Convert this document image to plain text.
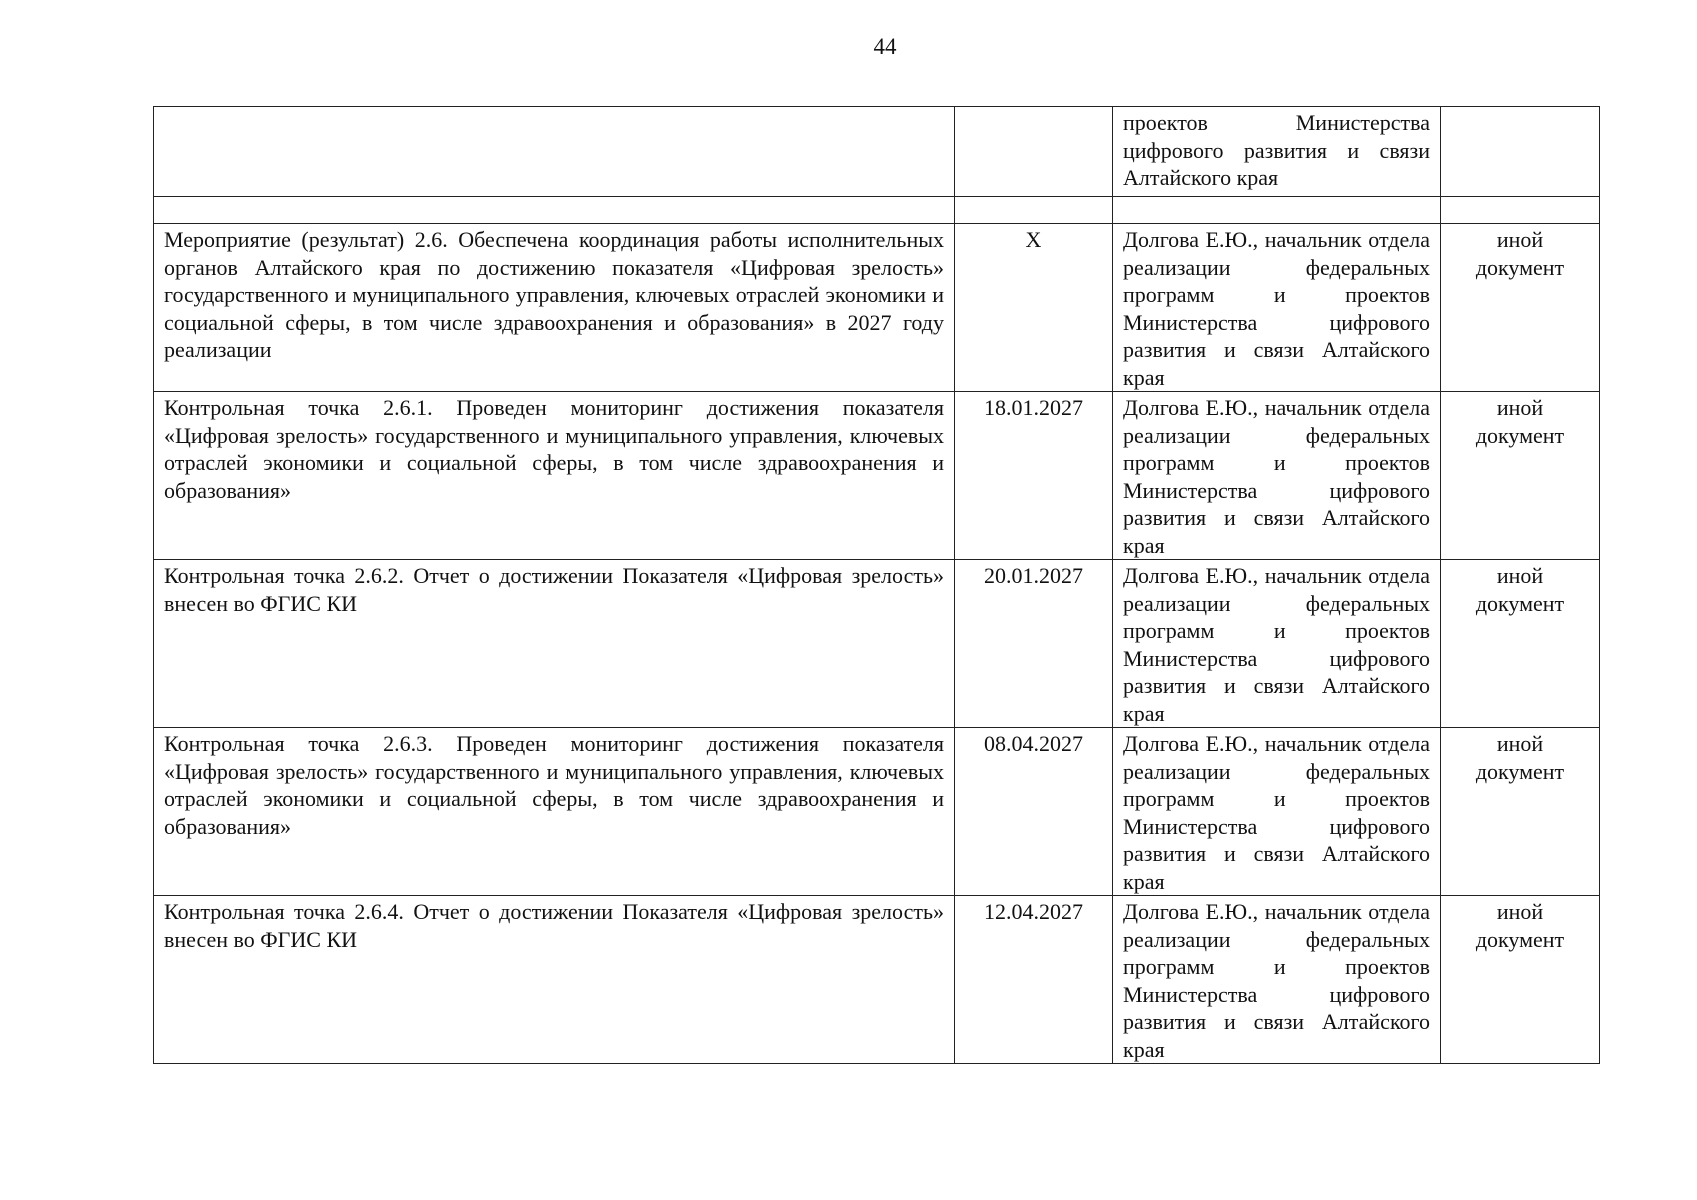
44
		проектов Министерства цифрового развития и связи Алтайского края	

Мероприятие (результат) 2.6. Обеспечена координация работы исполнительных органов Алтайского края по достижению показателя «Цифровая зрелость» государственного и муниципального управления, ключевых отраслей экономики и социальной сферы, в том числе здравоохранения и образования» в 2027 году реализации	X	Долгова Е.Ю., начальник отдела реализации федеральных программ и проектов Министерства цифрового развития и связи Алтайского края	иной документ
Контрольная точка 2.6.1. Проведен мониторинг достижения показателя «Цифровая зрелость» государственного и муниципального управления, ключевых отраслей экономики и социальной сферы, в том числе здравоохранения и образования»	18.01.2027	Долгова Е.Ю., начальник отдела реализации федеральных программ и проектов Министерства цифрового развития и связи Алтайского края	иной документ
Контрольная точка 2.6.2. Отчет о достижении Показателя «Цифровая зрелость» внесен во ФГИС КИ	20.01.2027	Долгова Е.Ю., начальник отдела реализации федеральных программ и проектов Министерства цифрового развития и связи Алтайского края	иной документ
Контрольная точка 2.6.3. Проведен мониторинг достижения показателя «Цифровая зрелость» государственного и муниципального управления, ключевых отраслей экономики и социальной сферы, в том числе здравоохранения и образования»	08.04.2027	Долгова Е.Ю., начальник отдела реализации федеральных программ и проектов Министерства цифрового развития и связи Алтайского края	иной документ
Контрольная точка 2.6.4. Отчет о достижении Показателя «Цифровая зрелость» внесен во ФГИС КИ	12.04.2027	Долгова Е.Ю., начальник отдела реализации федеральных программ и проектов Министерства цифрового развития и связи Алтайского края	иной документ
